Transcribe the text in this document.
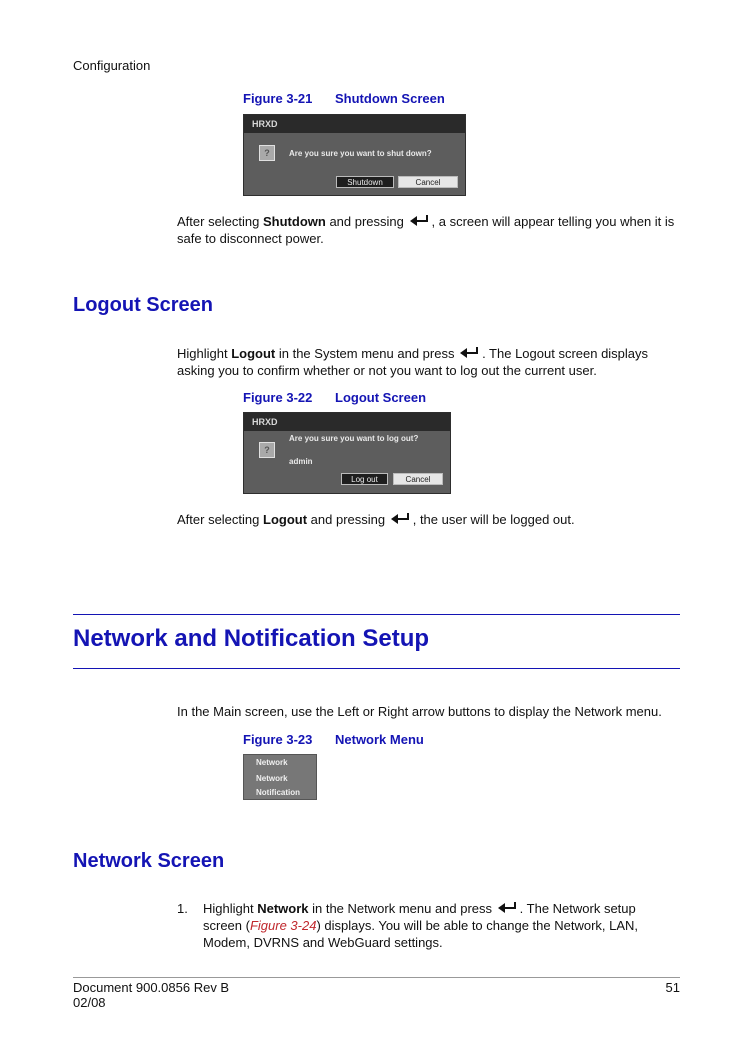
Configuration
Figure 3-21 Shutdown Screen
HRXD
?	Are you sure you want to shut down?
Shutdown	Cancel
After selecting Shutdown and pressing , a screen will appear telling you when it is
safe to disconnect power.
Logout Screen
Highlight Logout in the System menu and press . The Logout screen displays
asking you to confirm whether or not you want to log out the current user.
Figure 3-22 Logout Screen
HRXD
?
Are you sure you want to log out?
admin
Log out	Cancel
After selecting Logout and pressing , the user will be logged out.
Network and Notification Setup
In the Main screen, use the Left or Right arrow buttons to display the Network menu.
Figure 3-23 Network Menu
Network
Network
Notification
Network Screen
1. Highlight Network in the Network menu and press . The Network setup
screen (Figure 3-24) displays. You will be able to change the Network, LAN,
Modem, DVRNS and WebGuard settings.
Document 900.0856 Rev B
02/08
51
